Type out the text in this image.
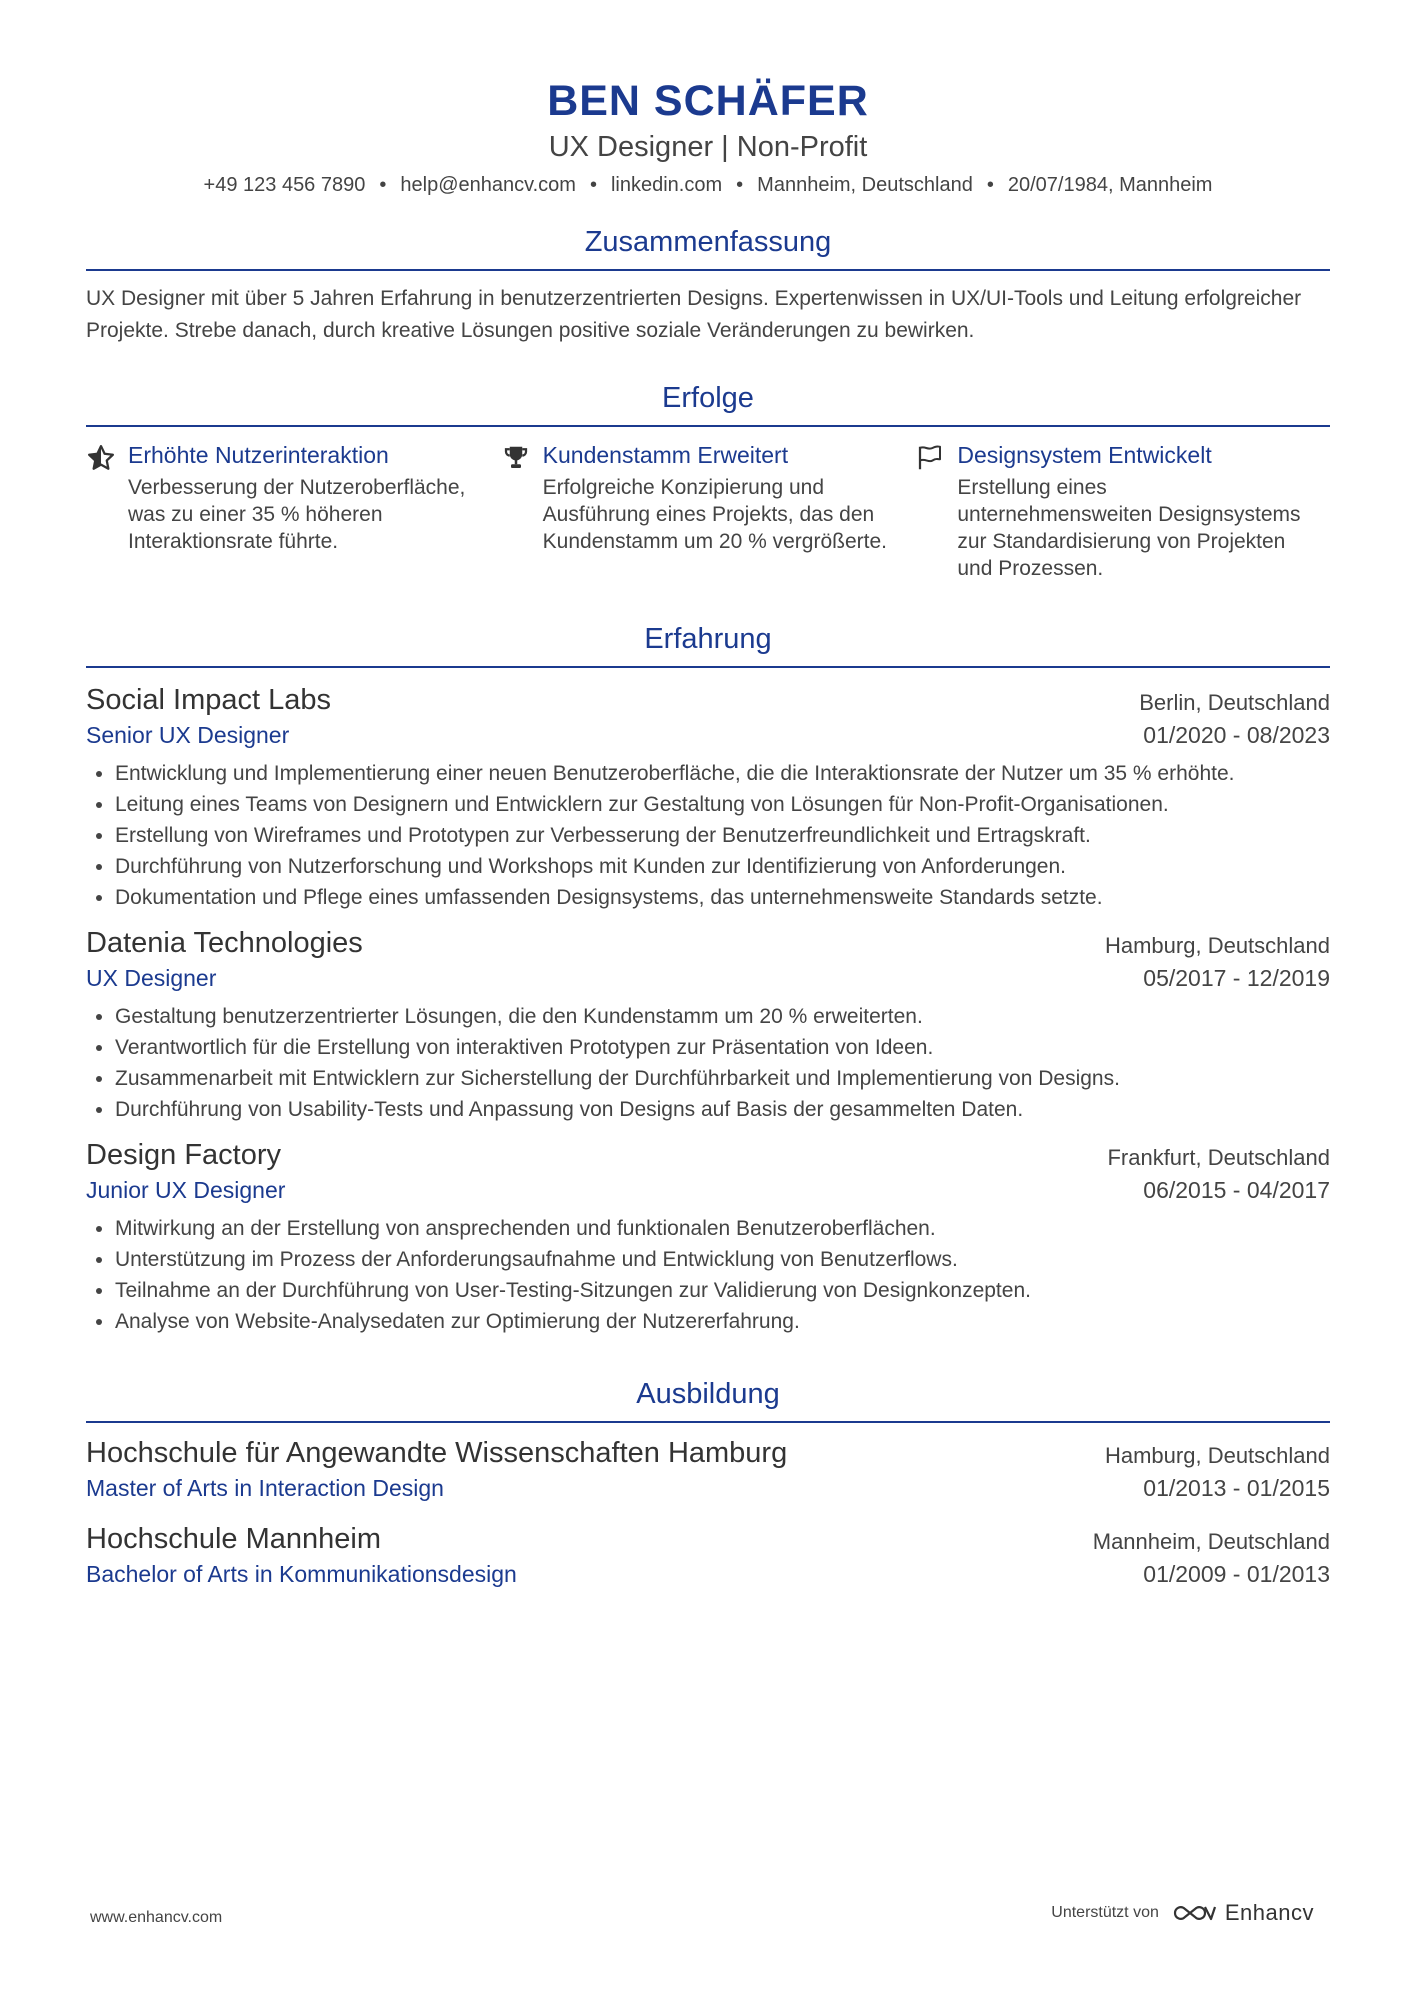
BEN SCHÄFER
UX Designer | Non-Profit
+49 123 456 7890 • help@enhancv.com • linkedin.com • Mannheim, Deutschland • 20/07/1984, Mannheim
Zusammenfassung
UX Designer mit über 5 Jahren Erfahrung in benutzerzentrierten Designs. Expertenwissen in UX/UI-Tools und Leitung erfolgreicher Projekte. Strebe danach, durch kreative Lösungen positive soziale Veränderungen zu bewirken.
Erfolge
Erhöhte Nutzerinteraktion
Verbesserung der Nutzeroberfläche, was zu einer 35 % höheren Interaktionsrate führte.
Kundenstamm Erweitert
Erfolgreiche Konzipierung und Ausführung eines Projekts, das den Kundenstamm um 20 % vergrößerte.
Designsystem Entwickelt
Erstellung eines unternehmensweiten Designsystems zur Standardisierung von Projekten und Prozessen.
Erfahrung
Social Impact Labs	Berlin, Deutschland
Senior UX Designer	01/2020 - 08/2023
• Entwicklung und Implementierung einer neuen Benutzeroberfläche, die die Interaktionsrate der Nutzer um 35 % erhöhte.
• Leitung eines Teams von Designern und Entwicklern zur Gestaltung von Lösungen für Non-Profit-Organisationen.
• Erstellung von Wireframes und Prototypen zur Verbesserung der Benutzerfreundlichkeit und Ertragskraft.
• Durchführung von Nutzerforschung und Workshops mit Kunden zur Identifizierung von Anforderungen.
• Dokumentation und Pflege eines umfassenden Designsystems, das unternehmensweite Standards setzte.
Datenia Technologies	Hamburg, Deutschland
UX Designer	05/2017 - 12/2019
• Gestaltung benutzerzentrierter Lösungen, die den Kundenstamm um 20 % erweiterten.
• Verantwortlich für die Erstellung von interaktiven Prototypen zur Präsentation von Ideen.
• Zusammenarbeit mit Entwicklern zur Sicherstellung der Durchführbarkeit und Implementierung von Designs.
• Durchführung von Usability-Tests und Anpassung von Designs auf Basis der gesammelten Daten.
Design Factory	Frankfurt, Deutschland
Junior UX Designer	06/2015 - 04/2017
• Mitwirkung an der Erstellung von ansprechenden und funktionalen Benutzeroberflächen.
• Unterstützung im Prozess der Anforderungsaufnahme und Entwicklung von Benutzerflows.
• Teilnahme an der Durchführung von User-Testing-Sitzungen zur Validierung von Designkonzepten.
• Analyse von Website-Analysedaten zur Optimierung der Nutzererfahrung.
Ausbildung
Hochschule für Angewandte Wissenschaften Hamburg	Hamburg, Deutschland
Master of Arts in Interaction Design	01/2013 - 01/2015
Hochschule Mannheim	Mannheim, Deutschland
Bachelor of Arts in Kommunikationsdesign	01/2009 - 01/2013
www.enhancv.com	Unterstützt von	Enhancv
